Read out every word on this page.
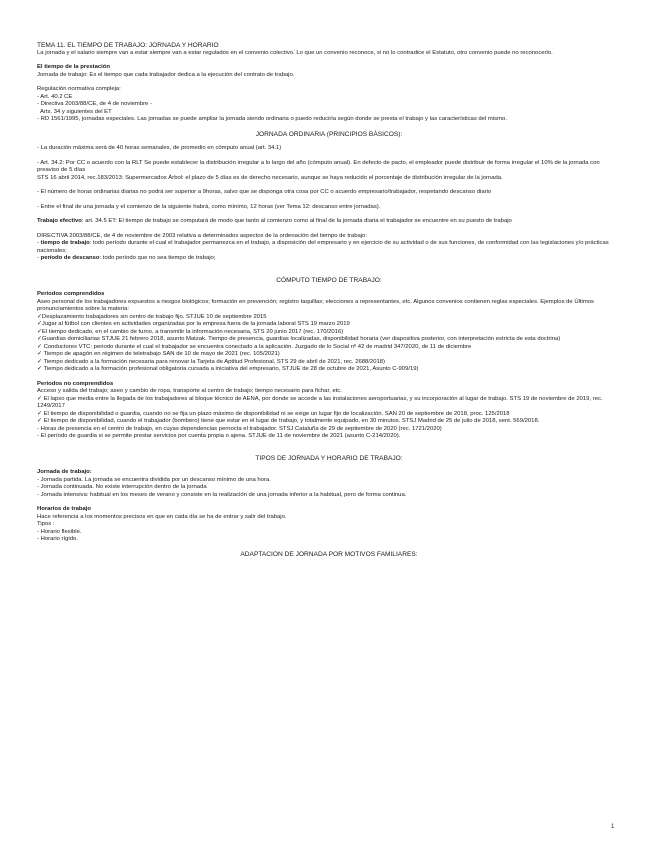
TEMA 11. EL TIEMPO DE TRABAJO: JORNADA Y HORARIO

La jornada y el salario siempre van a estar siempre van a estar regulados en el convenio colectivo. Lo que un convenio reconoce, si no lo contradice el Estatuto, otro convenio puede no reconocerlo.

El tiempo de la prestación

Jornada de trabajo: Es el tiempo que cada trabajador dedica a la ejecución del contrato de trabajo.

Regulación normativa compleja:

- Art. 40.2 CE

- Directiva 2003/88/CE, de 4 de noviembre -

Arts. 34 y siguientes del ET

- RD 1561/1995, jornadas especiales. Las jornadas se puede ampliar la jornada siendo ordinaria o puedo reducirla según donde se presta el trabajo y las características del mismo.

JORNADA ORDINARIA (PRINCIPIOS BÁSICOS):

- La duración máxima será de 40 horas semanales, de promedio en cómputo anual (art. 34.1)

- Art. 34.2: Por CC o acuerdo con la RLT Se puede establecer la distribución irregular a lo largo del año (cómputo anual). En defecto de pacto, el empleador puede distribuir de forma irregular el 10% de la jornada con preaviso de 5 días

STS 16 abril 2014, rec.183/2013: Supermercados Árbol: el plazo de 5 días es de derecho necesario, aunque se haya reducido el porcentaje de distribución irregular de la jornada.

- El número de horas ordinarias diarias no podrá ser superior a 9horas, salvo que se disponga otra cosa por CC o acuerdo empresario/trabajador, respetando descanso diario

- Entre el final de una jornada y el comienzo de la siguiente habrá, como mínimo, 12 horas (ver Tema 12: descanso entre jornadas).

Trabajo efectivo: art. 34.5 ET: El tiempo de trabajo se computará de modo que tanto al comienzo como al final de la jornada diaria el trabajador se encuentre en su puesto de trabajo

DIRECTIVA 2003/88/CE, de 4 de noviembre de 2003 relativa a determinados aspectos de la ordenación del tiempo de trabajo:

- tiempo de trabajo: todo período durante el cual el trabajador permanezca en el trabajo, a disposición del empresario y en ejercicio de su actividad o de sus funciones, de conformidad con las legislaciones y/o prácticas nacionales;

- período de descanso: todo período que no sea tiempo de trabajo;

CÓMPUTO TIEMPO DE TRABAJO:

Periodos comprendidos

Aseo personal de los trabajadores expuestos a riesgos biológicos; formación en prevención; registro taquillas; elecciones a representantes, etc. Algunos convenios contienen reglas especiales. Ejemplos de Últimos pronunciamientos sobre la materia:

✓Desplazamiento trabajadores sin centro de trabajo fijo. STJUE 10 de septiembre 2015

✓Jugar al fútbol con clientes en actividades organizadas por la empresa fuera de la jornada laboral STS 19 marzo 2019

✓El tiempo dedicado, en el cambio de turno, a transmitir la información necesaria, STS 20 junio 2017 (rec. 170/2016)

✓Guardias domiciliarias STJUE 21 febrero 2018, asunto Matzak. Tiempo de presencia, guardias localizadas, disponibilidad horaria (ver diapositiva posterior, con interpretación estricta de esta doctrina)

✓ Conductores VTC: periodo durante el cual el trabajador se encuentra conectado a la aplicación. Juzgado de lo Social nº 42 de madrid 347/2020, de 11 de diciembre

✓ Tiempo de apagón en régimen de teletrabajo SAN de 10 de mayo de 2021 (rec. 105/2021)

✓ Tiempo dedicado a la formación necesaria para renovar la Tarjeta de Aptitud Profesional, STS 29 de abril de 2021, rec. 2688/2018)

✓ Tiempo dedicado a la formación profesional obligatoria cursada a iniciativa del empresario, STJUE de 28 de octubre de 2021, Asunto C-909/19)

Periodos no comprendidos

Acceso y salida del trabajo; aseo y cambio de ropa, transporte al centro de trabajo; tiempo necesario para fichar, etc.

✓ El lapso que media entre la llegada de los trabajadores al bloque técnico de AENA, por donde se accede a las instalaciones aeroportuarias, y su incorporación al lugar de trabajo. STS 19 de noviembre de 2019, rec. 1249/2017

✓ El tiempo de disponibilidad o guardia, cuando no se fija un plazo máximo de disponibilidad ni se exige un lugar fijo de localización. SAN 20 de septiembre de 2018, proc. 125/2018

✓ El tiempo de disponibilidad, cuando el trabajador (bombero) tiene que estar en el lugar de trabajo, y totalmente equipado, en 30 minutos. STSJ Madrid de 25 de julio de 2018, sent. 569/2018.

- Horas de presencia en el centro de trabajo, en cuyas dependencias pernocta el trabajador. STSJ Cataluña de 29 de septiembre de 2020 (rec. 1721/2020)

- El período de guardia si se permite prestar servicios por cuenta propia o ajena. STJUE de 11 de noviembre de 2021 (asunto C-214/2020).

TIPOS DE JORNADA Y HORARIO DE TRABAJO:

Jornada de trabajo:

- Jornada partida. La jornada se encuentra dividida por un descanso mínimo de una hora.

- Jornada continuada. No existe interrupción dentro de la jornada

- Jornada intensiva: habitual en los meses de verano y consiste en la realización de una jornada inferior a la habitual, pero de forma continua.

Horarios de trabajo

Hace referencia a los momentos precisos en que en cada día se ha de entrar y salir del trabajo.

Tipos :

- Horario flexible.

- Horario rígido.

ADAPTACION DE JORNADA POR MOTIVOS FAMILIARES:

1
